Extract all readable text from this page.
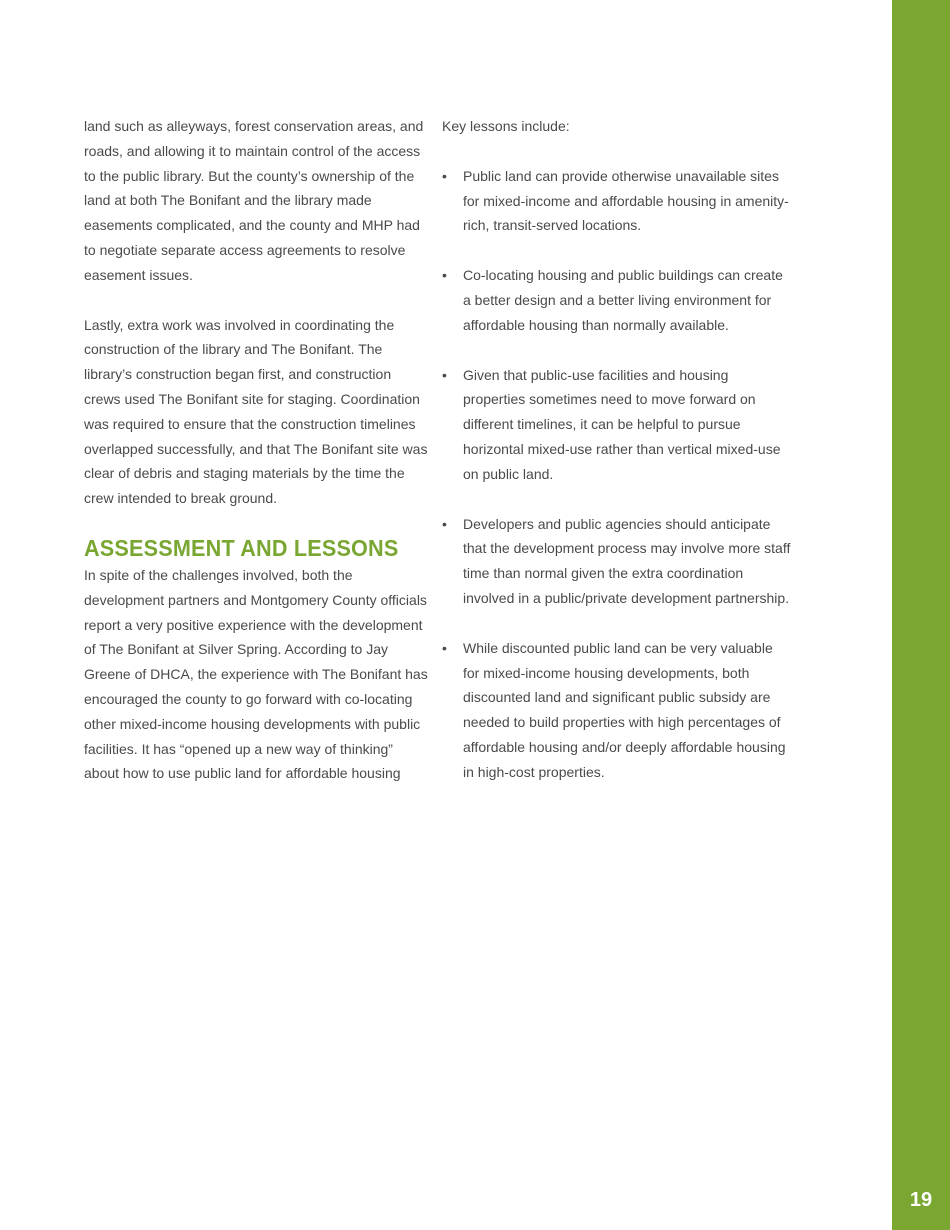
land such as alleyways, forest conservation areas, and roads, and allowing it to maintain control of the access to the public library. But the county’s ownership of the land at both The Bonifant and the library made easements complicated, and the county and MHP had to negotiate separate access agreements to resolve easement issues.

Lastly, extra work was involved in coordinating the construction of the library and The Bonifant. The library’s construction began first, and construction crews used The Bonifant site for staging. Coordination was required to ensure that the construction timelines overlapped successfully, and that The Bonifant site was clear of debris and staging materials by the time the crew intended to break ground.

ASSESSMENT AND LESSONS

In spite of the challenges involved, both the development partners and Montgomery County officials report a very positive experience with the development of The Bonifant at Silver Spring. According to Jay Greene of DHCA, the experience with The Bonifant has encouraged the county to go forward with co-locating other mixed-income housing developments with public facilities. It has “opened up a new way of thinking” about how to use public land for affordable housing

Key lessons include:

•	Public land can provide otherwise unavailable sites for mixed-income and affordable housing in amenity-rich, transit-served locations.
•	Co-locating housing and public buildings can create a better design and a better living environment for affordable housing than normally available.
•	Given that public-use facilities and housing properties sometimes need to move forward on different timelines, it can be helpful to pursue horizontal mixed-use rather than vertical mixed-use on public land.
•	Developers and public agencies should anticipate that the development process may involve more staff time than normal given the extra coordination involved in a public/private development partnership.
•	While discounted public land can be very valuable for mixed-income housing developments, both discounted land and significant public subsidy are needed to build properties with high percentages of affordable housing and/or deeply affordable housing in high-cost properties.
19
